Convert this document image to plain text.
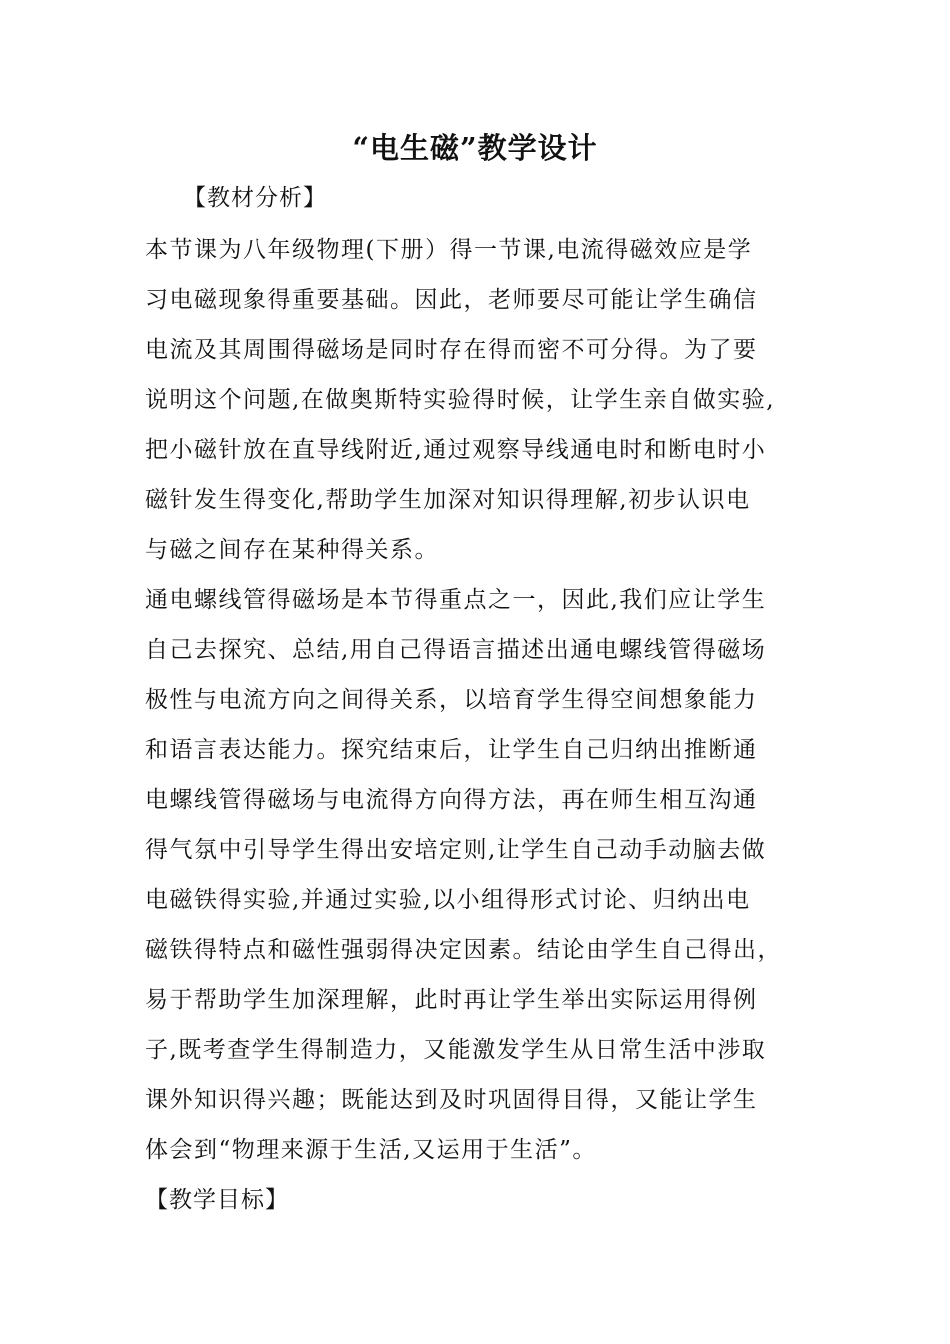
“电生磁”教学设计
【教材分析】
本节课为八年级物理(下册）得一节课,电流得磁效应是学
习电磁现象得重要基础。因此，老师要尽可能让学生确信
电流及其周围得磁场是同时存在得而密不可分得。为了要
说明这个问题,在做奥斯特实验得时候，让学生亲自做实验,
把小磁针放在直导线附近,通过观察导线通电时和断电时小
磁针发生得变化,帮助学生加深对知识得理解,初步认识电
与磁之间存在某种得关系。
通电螺线管得磁场是本节得重点之一，因此,我们应让学生
自己去探究、总结,用自己得语言描述出通电螺线管得磁场
极性与电流方向之间得关系，以培育学生得空间想象能力
和语言表达能力。探究结束后，让学生自己归纳出推断通
电螺线管得磁场与电流得方向得方法，再在师生相互沟通
得气氛中引导学生得出安培定则,让学生自己动手动脑去做
电磁铁得实验,并通过实验,以小组得形式讨论、归纳出电
磁铁得特点和磁性强弱得决定因素。结论由学生自己得出，
易于帮助学生加深理解，此时再让学生举出实际运用得例
子,既考查学生得制造力，又能激发学生从日常生活中涉取
课外知识得兴趣；既能达到及时巩固得目得，又能让学生
体会到“物理来源于生活,又运用于生活”。
【教学目标】
